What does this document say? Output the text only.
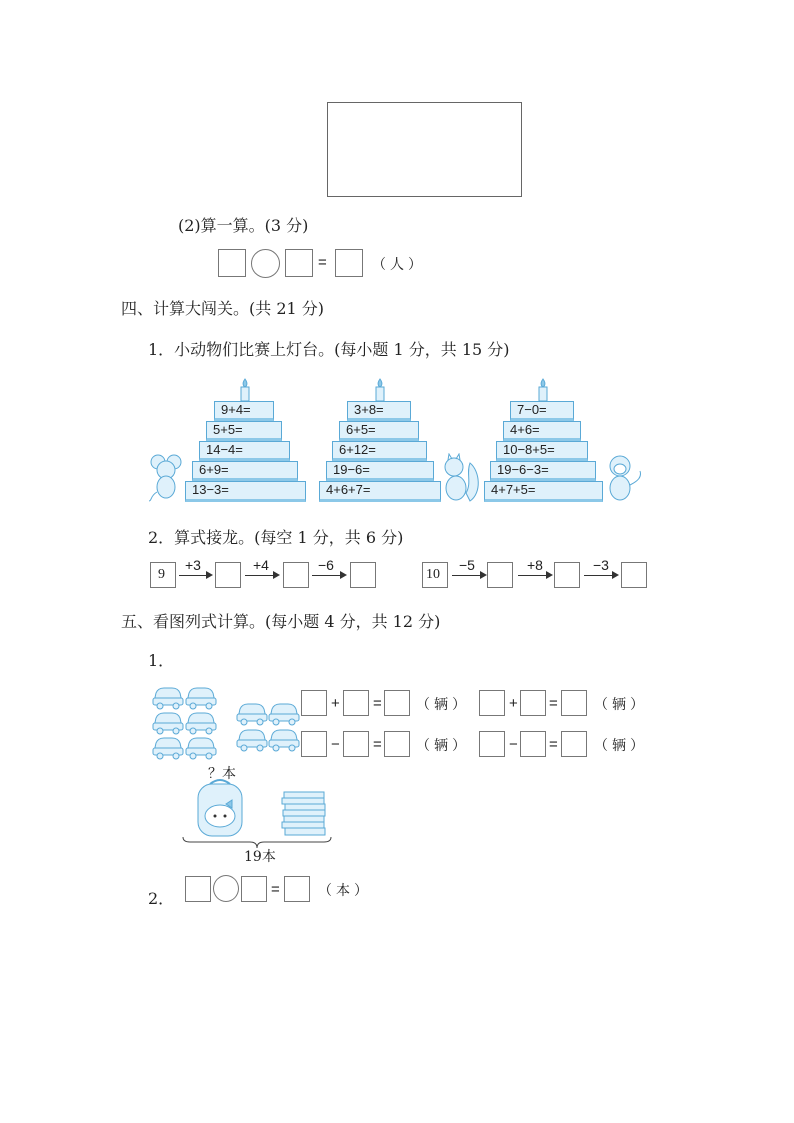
(2)算一算。(3 分)
=	（人）
四、计算大闯关。(共 21 分)
1．小动物们比赛上灯台。(每小题 1 分，共 15 分)
9+4=
5+5=
14−4=
6+9=
13−3=
3+8=
6+5=
6+12=
19−6=
4+6+7=
7−0=
4+6=
10−8+5=
19−6−3=
4+7+5=
2．算式接龙。(每空 1 分，共 6 分)
9
+3	+4	−6
10
−5	+8	−3
五、看图列式计算。(每小题 4 分，共 12 分)
1．
+ = （辆）	+ =	（辆）
− = （辆）	− =	（辆）
？本
19本
2．	=	（本）
